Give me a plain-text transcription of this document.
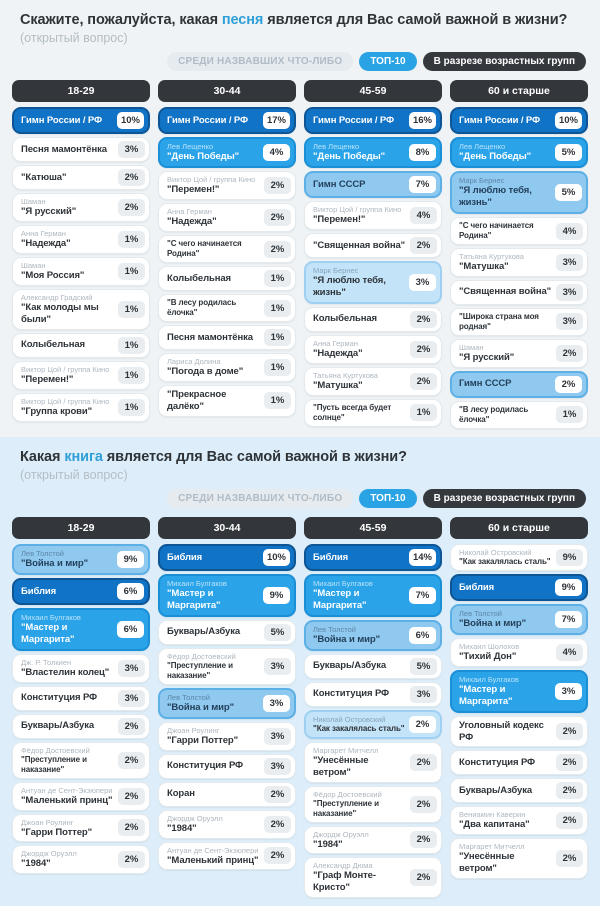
Скажите, пожалуйста, какая песня является для Вас самой важной в жизни?

(открытый вопрос)

СРЕДИ НАЗВАВШИХ ЧТО-ЛИБО	ТОП-10	В разрезе возрастных групп
18-29
Гимн России / РФ	10%
Песня мамонтёнка	3%
"Катюша"	2%
Шаман
"Я русский"	2%
Анна Герман
"Надежда"	1%
Шаман
"Моя Россия"	1%
Александр Градский
"Как молоды мы были"
1%
Колыбельная	1%
Виктор Цой / группа Кино
"Перемен!"	1%
Виктор Цой / группа Кино
"Группа крови"	1%
30-44
Гимн России / РФ	17%
Лев Лещенко
"День Победы"	4%
Виктор Цой / группа Кино
"Перемен!"	2%
Анна Герман
"Надежда"	2%
"С чего начинается Родина"	2%
Колыбельная	1%
"В лесу родилась ёлочка"	1%
Песня мамонтёнка	1%
Лариса Долина
"Погода в доме"	1%
"Прекрасное далёко"	1%
45-59
Гимн России / РФ	16%
Лев Лещенко
"День Победы"	8%
Гимн СССР	7%
Виктор Цой / группа Кино
"Перемен!"	4%
"Священная война"	2%
Марк Бернес
"Я люблю тебя, жизнь"
3%
Колыбельная	2%
Анна Герман
"Надежда"	2%
Татьяна Куртукова
"Матушка"	2%
"Пусть всегда будет солнце"	1%
60 и старше
Гимн России / РФ	10%
Лев Лещенко
"День Победы"	5%
Марк Бернес
"Я люблю тебя, жизнь"
5%
"С чего начинается Родина"	4%
Татьяна Куртукова
"Матушка"	3%
"Священная война"	3%
"Широка страна моя родная"	3%
Шаман
"Я русский"	2%
Гимн СССР	2%
"В лесу родилась ёлочка"	1%
Какая книга является для Вас самой важной в жизни?

(открытый вопрос)

СРЕДИ НАЗВАВШИХ ЧТО-ЛИБО	ТОП-10	В разрезе возрастных групп
18-29
Лев Толстой
"Война и мир"	9%
Библия	6%
Михаил Булгаков
"Мастер и Маргарита"
6%
Дж. Р. Толкиен
"Властелин колец"	3%
Конституция РФ	3%
Букварь/Азбука	2%
Фёдор Достоевский
"Преступление и наказание"
2%
Антуан де Сент-Экзюпери
"Маленький принц"	2%
Джоан Роулинг
"Гарри Поттер"	2%
Джордж Оруэлл
"1984"	2%
30-44
Библия	10%
Михаил Булгаков
"Мастер и Маргарита"
9%
Букварь/Азбука	5%
Фёдор Достоевский
"Преступление и наказание"
3%
Лев Толстой
"Война и мир"	3%
Джоан Роулинг
"Гарри Поттер"	3%
Конституция РФ	3%
Коран	2%
Джордж Оруэлл
"1984"	2%
Антуан де Сент-Экзюпери
"Маленький принц"	2%
45-59
Библия	14%
Михаил Булгаков
"Мастер и Маргарита"
7%
Лев Толстой
"Война и мир"	6%
Букварь/Азбука	5%
Конституция РФ	3%
Николай Островский
"Как закалялась сталь"	2%
Маргарет Митчелл
"Унесённые ветром"
2%
Фёдор Достоевский
"Преступление и наказание"
2%
Джордж Оруэлл
"1984"	2%
Александр Дюма
"Граф Монте-Кристо"
2%
60 и старше
Николай Островский
"Как закалялась сталь"	9%
Библия	9%
Лев Толстой
"Война и мир"	7%
Михаил Шолохов
"Тихий Дон"	4%
Михаил Булгаков
"Мастер и Маргарита"
3%
Уголовный кодекс РФ	2%
Конституция РФ	2%
Букварь/Азбука	2%
Вениамин Каверин
"Два капитана"	2%
Маргарет Митчелл
"Унесённые ветром"
2%
